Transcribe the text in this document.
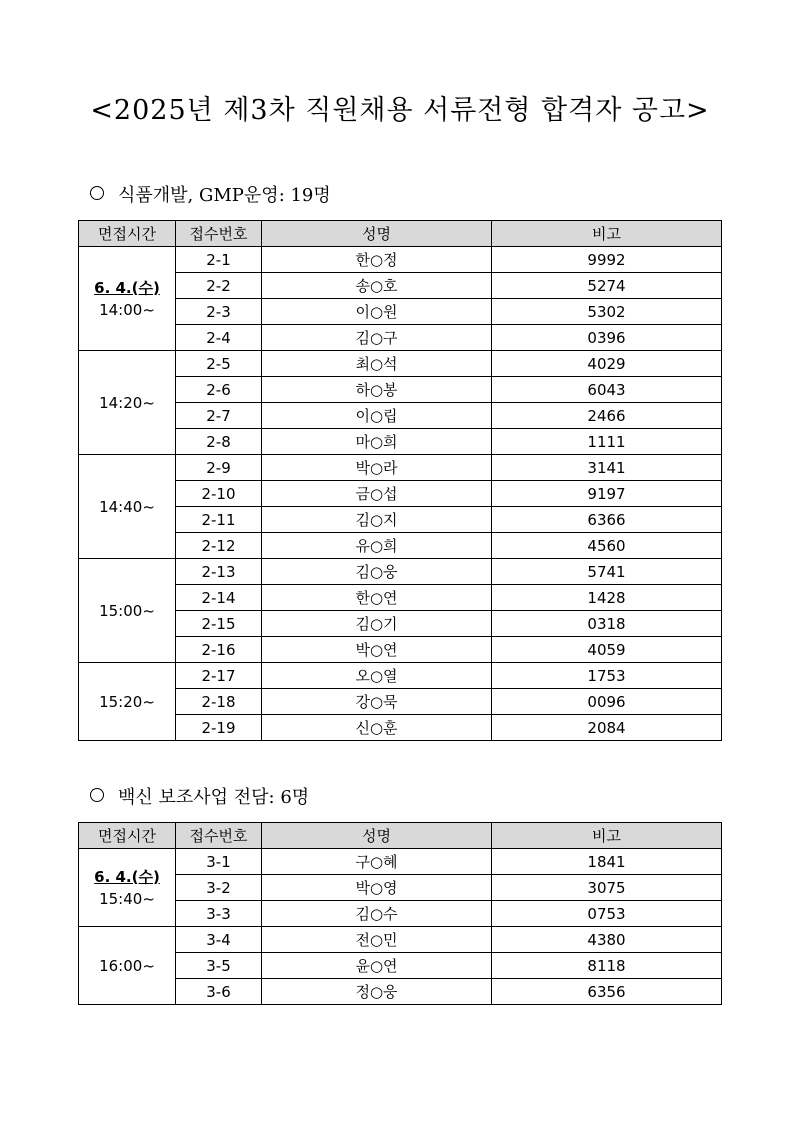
<2025년 제3차 직원채용 서류전형 합격자 공고>
식품개발, GMP운영: 19명
면접시간	접수번호	성명	비고

6. 4.(수)
14:00~	2-1	한○정	9992
	2-2	송○호	5274
	2-3	이○원	5302
	2-4	김○구	0396
14:20~	2-5	최○석	4029
	2-6	하○봉	6043
	2-7	이○립	2466
	2-8	마○희	1111
14:40~	2-9	박○라	3141
	2-10	금○섭	9197
	2-11	김○지	6366
	2-12	유○희	4560
15:00~	2-13	김○웅	5741
	2-14	한○연	1428
	2-15	김○기	0318
	2-16	박○연	4059
15:20~	2-17	오○열	1753
	2-18	강○묵	0096
	2-19	신○훈	2084
백신 보조사업 전담: 6명
면접시간	접수번호	성명	비고

6. 4.(수)
15:40~	3-1	구○혜	1841
	3-2	박○영	3075
	3-3	김○수	0753
16:00~	3-4	전○민	4380
	3-5	윤○연	8118
	3-6	정○웅	6356
